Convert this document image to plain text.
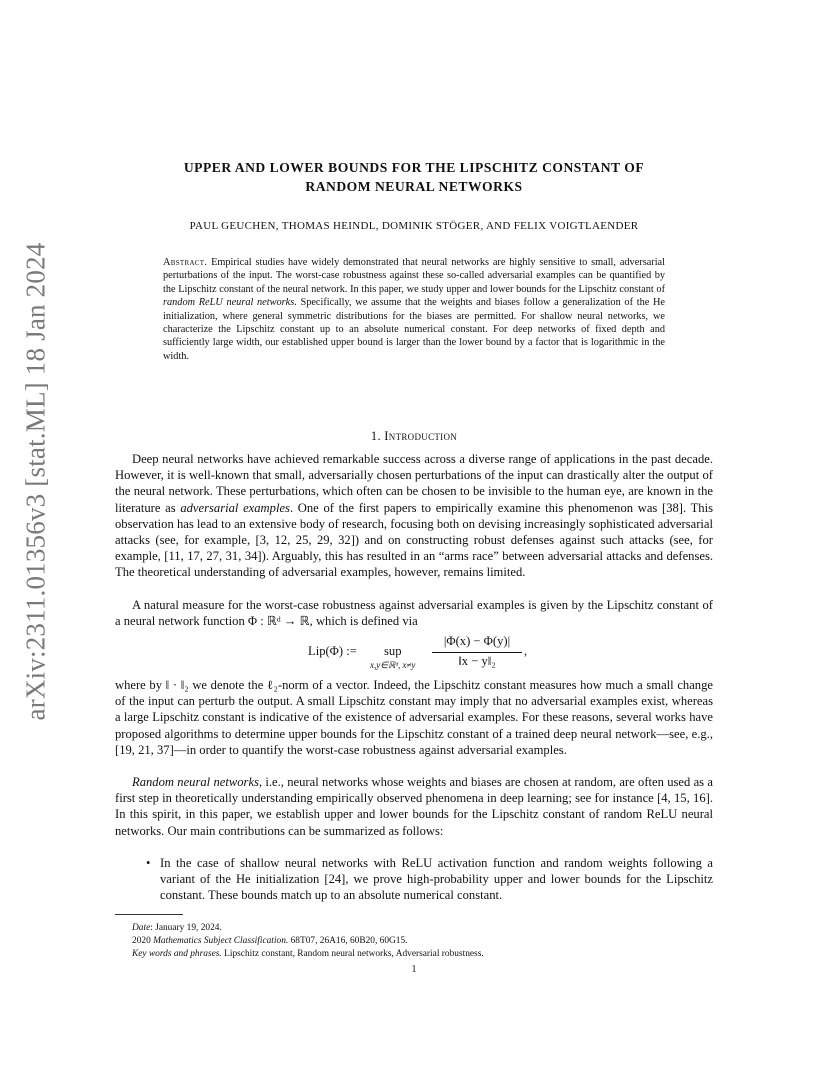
arXiv:2311.01356v3 [stat.ML] 18 Jan 2024
UPPER AND LOWER BOUNDS FOR THE LIPSCHITZ CONSTANT OF
RANDOM NEURAL NETWORKS
PAUL GEUCHEN, THOMAS HEINDL, DOMINIK STÖGER, AND FELIX VOIGTLAENDER
Abstract. Empirical studies have widely demonstrated that neural networks are highly sensitive to small, adversarial perturbations of the input. The worst-case robustness against these so-called adversarial examples can be quantified by the Lipschitz constant of the neural network. In this paper, we study upper and lower bounds for the Lipschitz constant of random ReLU neural networks. Specifically, we assume that the weights and biases follow a generalization of the He initialization, where general symmetric distributions for the biases are permitted. For shallow neural networks, we characterize the Lipschitz constant up to an absolute numerical constant. For deep networks of fixed depth and sufficiently large width, our established upper bound is larger than the lower bound by a factor that is logarithmic in the width.
1. Introduction

Deep neural networks have achieved remarkable success across a diverse range of applications in the past decade. However, it is well-known that small, adversarially chosen perturbations of the input can drastically alter the output of the neural network. These perturbations, which often can be chosen to be invisible to the human eye, are known in the literature as adversarial examples. One of the first papers to empirically examine this phenomenon was [38]. This observation has lead to an extensive body of research, focusing both on devising increasingly sophisticated adversarial attacks (see, for example, [3, 12, 25, 29, 32]) and on constructing robust defenses against such attacks (see, for example, [11, 17, 27, 31, 34]). Arguably, this has resulted in an “arms race” between adversarial attacks and defenses. The theoretical understanding of adversarial examples, however, remains limited.

A natural measure for the worst-case robustness against adversarial examples is given by the Lipschitz constant of a neural network function Φ : ℝᵈ → ℝ, which is defined via

Lip(Φ) := sup
x,y∈ℝᵈ, x≠y
|Φ(x) − Φ(y)|
‖x − y‖₂
,

where by ‖ · ‖₂ we denote the ℓ₂-norm of a vector. Indeed, the Lipschitz constant measures how much a small change of the input can perturb the output. A small Lipschitz constant may imply that no adversarial examples exist, whereas a large Lipschitz constant is indicative of the existence of adversarial examples. For these reasons, several works have proposed algorithms to determine upper bounds for the Lipschitz constant of a trained deep neural network—see, e.g., [19, 21, 37]—in order to quantify the worst-case robustness against adversarial examples.

Random neural networks, i.e., neural networks whose weights and biases are chosen at random, are often used as a first step in theoretically understanding empirically observed phenomena in deep learning; see for instance [4, 15, 16]. In this spirit, in this paper, we establish upper and lower bounds for the Lipschitz constant of random ReLU neural networks. Our main contributions can be summarized as follows:

• In the case of shallow neural networks with ReLU activation function and random weights following a variant of the He initialization [24], we prove high-probability upper and lower bounds for the Lipschitz constant. These bounds match up to an absolute numerical constant.

Date: January 19, 2024.

2020 Mathematics Subject Classification. 68T07, 26A16, 60B20, 60G15.

Key words and phrases. Lipschitz constant, Random neural networks, Adversarial robustness.

1
